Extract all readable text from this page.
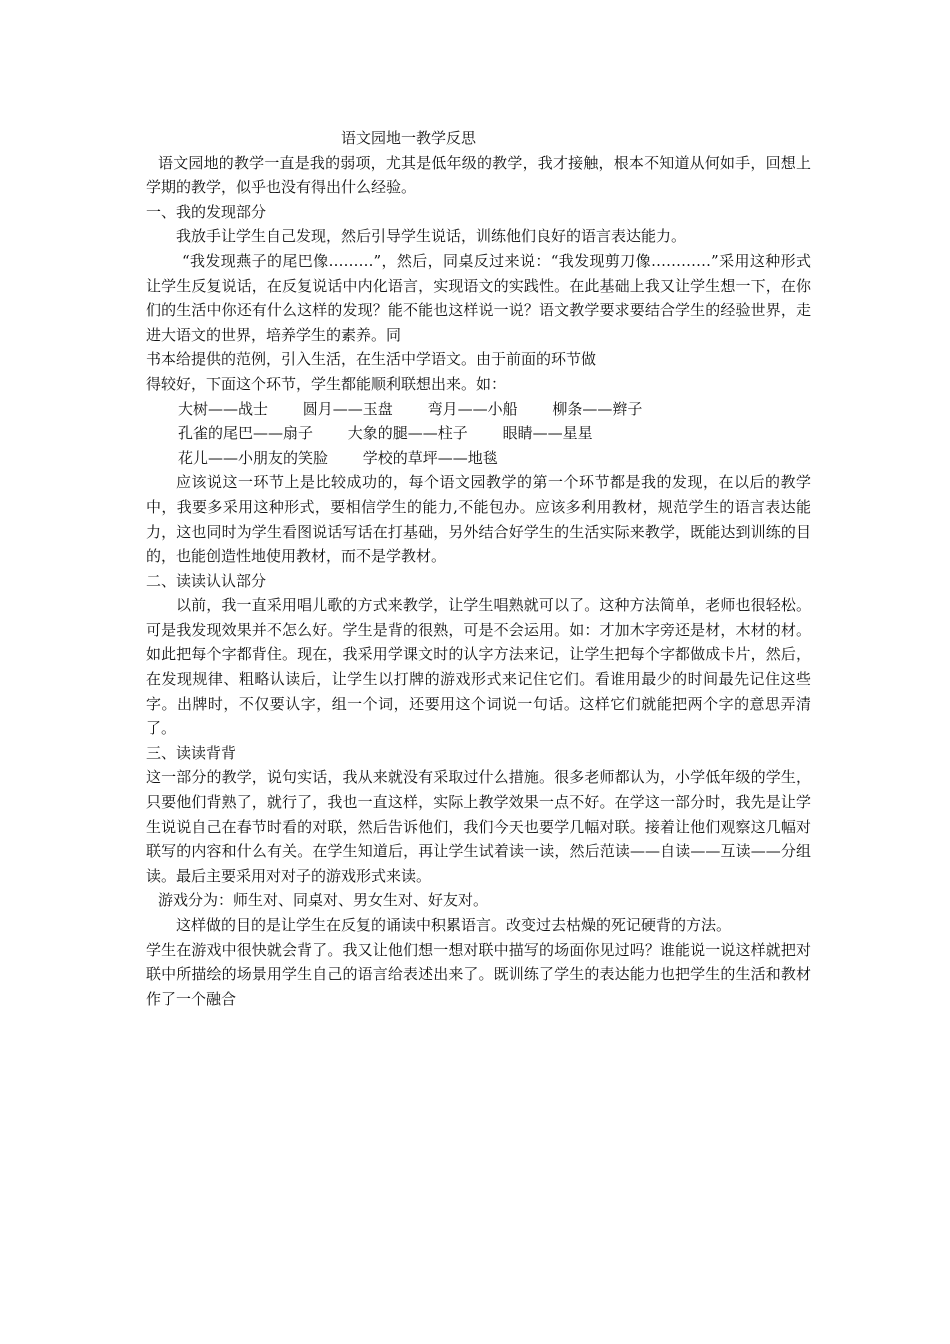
语文园地一教学反思

语文园地的教学一直是我的弱项，尤其是低年级的教学，我才接触，根本不知道从何如手，回想上学期的教学，似乎也没有得出什么经验。

一、我的发现部分

我放手让学生自己发现，然后引导学生说话，训练他们良好的语言表达能力。

“我发现燕子的尾巴像………”，然后，同桌反过来说：“我发现剪刀像…………”采用这种形式让学生反复说话，在反复说话中内化语言，实现语文的实践性。在此基础上我又让学生想一下，在你们的生活中你还有什么这样的发现？能不能也这样说一说？语文教学要求要结合学生的经验世界，走进大语文的世界，培养学生的素养。同

书本给提供的范例，引入生活，在生活中学语文。由于前面的环节做

得较好，下面这个环节，学生都能顺利联想出来。如：

大树——战士 圆月——玉盘 弯月——小船 柳条——辫子
孔雀的尾巴——扇子 大象的腿——柱子 眼睛——星星
花儿——小朋友的笑脸 学校的草坪——地毯

应该说这一环节上是比较成功的，每个语文园教学的第一个环节都是我的发现，在以后的教学中，我要多采用这种形式，要相信学生的能力,不能包办。应该多利用教材，规范学生的语言表达能力，这也同时为学生看图说话写话在打基础，另外结合好学生的生活实际来教学，既能达到训练的目的，也能创造性地使用教材，而不是学教材。

二、读读认认部分

以前，我一直采用唱儿歌的方式来教学，让学生唱熟就可以了。这种方法简单，老师也很轻松。可是我发现效果并不怎么好。学生是背的很熟，可是不会运用。如：才加木字旁还是材，木材的材。如此把每个字都背住。现在，我采用学课文时的认字方法来记，让学生把每个字都做成卡片，然后，在发现规律、粗略认读后，让学生以打牌的游戏形式来记住它们。看谁用最少的时间最先记住这些字。出牌时，不仅要认字，组一个词，还要用这个词说一句话。这样它们就能把两个字的意思弄清了。

三、读读背背

这一部分的教学，说句实话，我从来就没有采取过什么措施。很多老师都认为，小学低年级的学生，只要他们背熟了，就行了，我也一直这样，实际上教学效果一点不好。在学这一部分时，我先是让学生说说自己在春节时看的对联，然后告诉他们，我们今天也要学几幅对联。接着让他们观察这几幅对联写的内容和什么有关。在学生知道后，再让学生试着读一读，然后范读——自读——互读——分组读。最后主要采用对对子的游戏形式来读。

游戏分为：师生对、同桌对、男女生对、好友对。

这样做的目的是让学生在反复的诵读中积累语言。改变过去枯燥的死记硬背的方法。

学生在游戏中很快就会背了。我又让他们想一想对联中描写的场面你见过吗？谁能说一说这样就把对联中所描绘的场景用学生自己的语言给表述出来了。既训练了学生的表达能力也把学生的生活和教材作了一个融合
